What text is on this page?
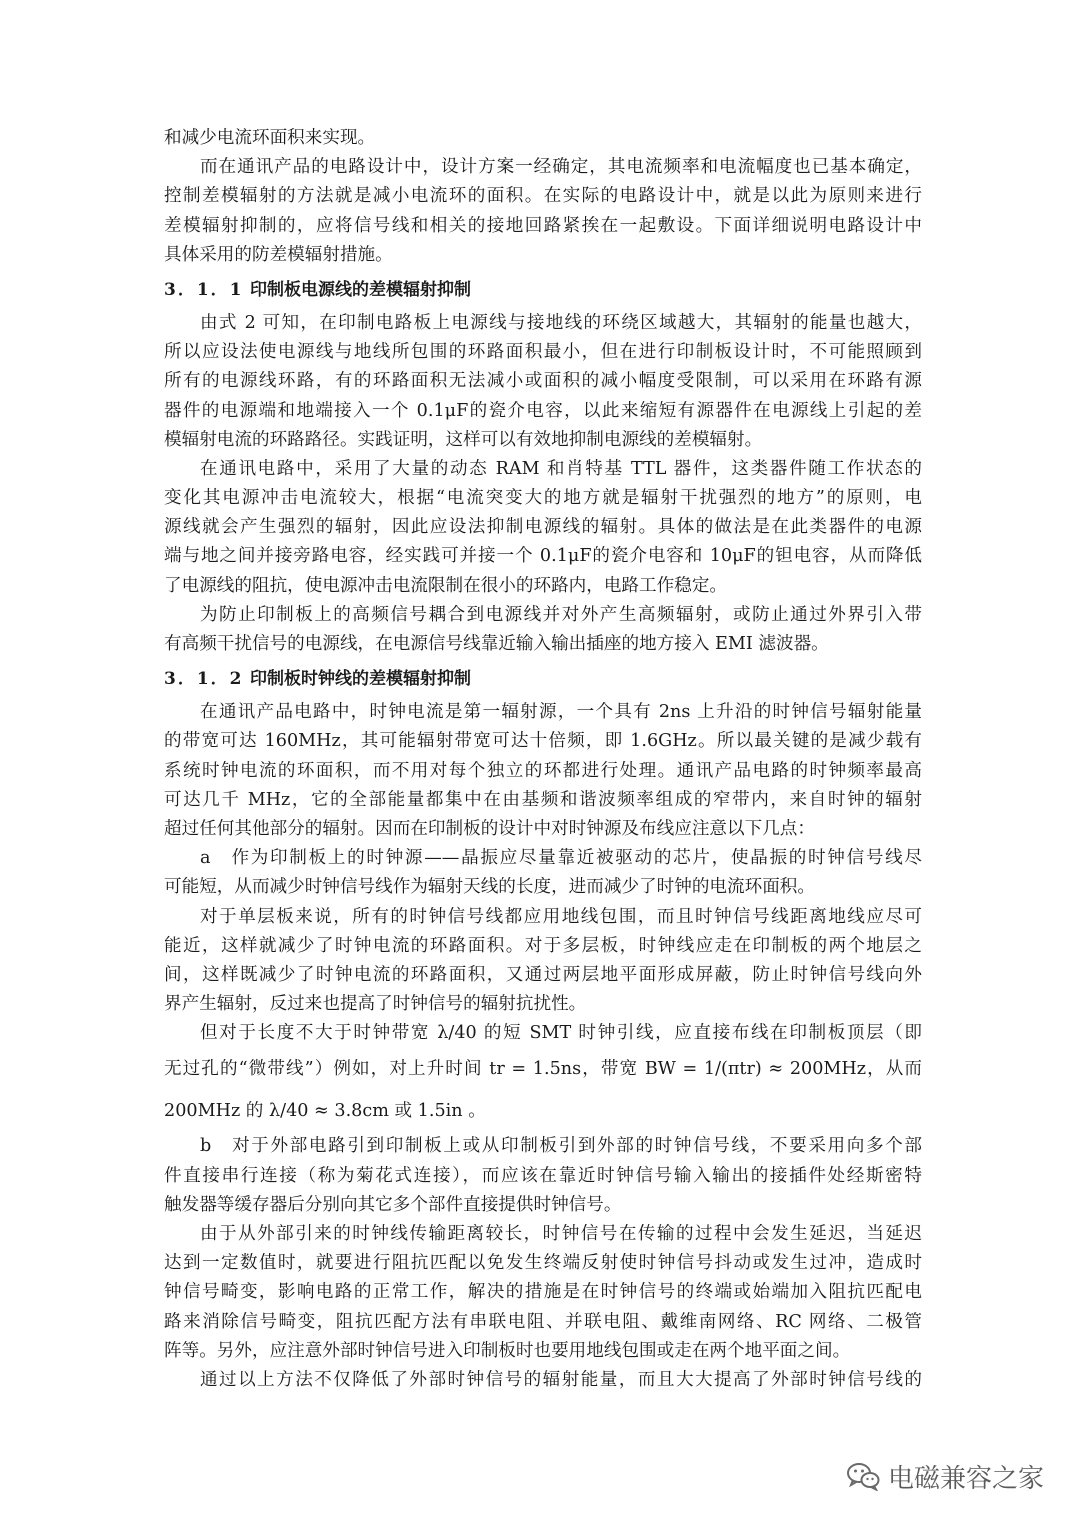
和减少电流环面积来实现。
而在通讯产品的电路设计中，设计方案一经确定，其电流频率和电流幅度也已基本确定，
控制差模辐射的方法就是减小电流环的面积。在实际的电路设计中，就是以此为原则来进行
差模辐射抑制的，应将信号线和相关的接地回路紧挨在一起敷设。下面详细说明电路设计中
具体采用的防差模辐射措施。
3．1．1 印制板电源线的差模辐射抑制
由式 2 可知，在印制电路板上电源线与接地线的环绕区域越大，其辐射的能量也越大，
所以应设法使电源线与地线所包围的环路面积最小，但在进行印制板设计时，不可能照顾到
所有的电源线环路，有的环路面积无法减小或面积的减小幅度受限制，可以采用在环路有源
器件的电源端和地端接入一个 0.1μF的瓷介电容，以此来缩短有源器件在电源线上引起的差
模辐射电流的环路路径。实践证明，这样可以有效地抑制电源线的差模辐射。
在通讯电路中，采用了大量的动态 RAM 和肖特基 TTL 器件，这类器件随工作状态的
变化其电源冲击电流较大，根据“电流突变大的地方就是辐射干扰强烈的地方”的原则，电
源线就会产生强烈的辐射，因此应设法抑制电源线的辐射。具体的做法是在此类器件的电源
端与地之间并接旁路电容，经实践可并接一个 0.1μF的瓷介电容和 10μF的钽电容，从而降低
了电源线的阻抗，使电源冲击电流限制在很小的环路内，电路工作稳定。
为防止印制板上的高频信号耦合到电源线并对外产生高频辐射，或防止通过外界引入带
有高频干扰信号的电源线，在电源信号线靠近输入输出插座的地方接入 EMI 滤波器。
3．1．2 印制板时钟线的差模辐射抑制
在通讯产品电路中，时钟电流是第一辐射源，一个具有 2ns 上升沿的时钟信号辐射能量
的带宽可达 160MHz，其可能辐射带宽可达十倍频，即 1.6GHz。所以最关键的是减少载有
系统时钟电流的环面积，而不用对每个独立的环都进行处理。通讯产品电路的时钟频率最高
可达几千 MHz，它的全部能量都集中在由基频和谐波频率组成的窄带内，来自时钟的辐射
超过任何其他部分的辐射。因而在印制板的设计中对时钟源及布线应注意以下几点：
a　作为印制板上的时钟源——晶振应尽量靠近被驱动的芯片，使晶振的时钟信号线尽
可能短，从而减少时钟信号线作为辐射天线的长度，进而减少了时钟的电流环面积。
对于单层板来说，所有的时钟信号线都应用地线包围，而且时钟信号线距离地线应尽可
能近，这样就减少了时钟电流的环路面积。对于多层板，时钟线应走在印制板的两个地层之
间，这样既减少了时钟电流的环路面积，又通过两层地平面形成屏蔽，防止时钟信号线向外
界产生辐射，反过来也提高了时钟信号的辐射抗扰性。
但对于长度不大于时钟带宽 λ/40 的短 SMT 时钟引线，应直接布线在印制板顶层（即
无过孔的“微带线”）例如，对上升时间 tr = 1.5ns，带宽 BW = 1/(πtr) ≈ 200MHz，从而
200MHz 的 λ/40 ≈ 3.8cm 或 1.5in 。
b　对于外部电路引到印制板上或从印制板引到外部的时钟信号线，不要采用向多个部
件直接串行连接（称为菊花式连接），而应该在靠近时钟信号输入输出的接插件处经斯密特
触发器等缓存器后分别向其它多个部件直接提供时钟信号。
由于从外部引来的时钟线传输距离较长，时钟信号在传输的过程中会发生延迟，当延迟
达到一定数值时，就要进行阻抗匹配以免发生终端反射使时钟信号抖动或发生过冲，造成时
钟信号畸变，影响电路的正常工作，解决的措施是在时钟信号的终端或始端加入阻抗匹配电
路来消除信号畸变，阻抗匹配方法有串联电阻、并联电阻、戴维南网络、RC 网络、二极管
阵等。另外，应注意外部时钟信号进入印制板时也要用地线包围或走在两个地平面之间。
通过以上方法不仅降低了外部时钟信号的辐射能量，而且大大提高了外部时钟信号线的
电磁兼容之家
